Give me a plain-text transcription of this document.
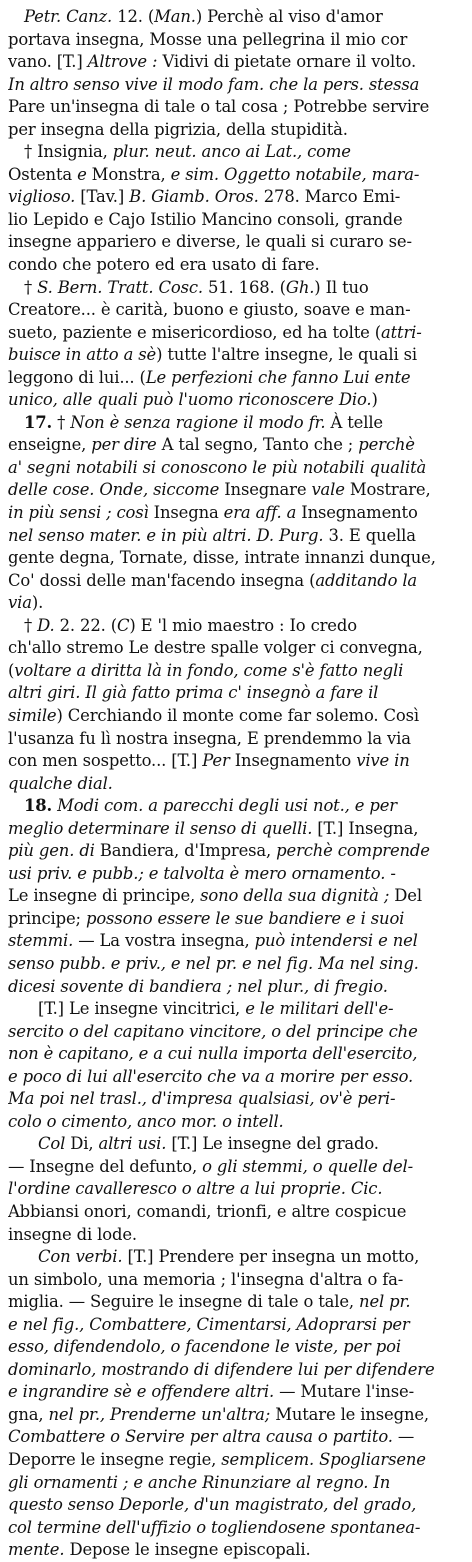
Petr. Canz. 12. (Man.) Perchè al viso d'amor
portava insegna, Mosse una pellegrina il mio cor
vano. [T.] Altrove : Vidivi di pietate ornare il volto.
In altro senso vive il modo fam. che la pers. stessa
Pare un'insegna di tale o tal cosa ; Potrebbe servire
per insegna della pigrizia, della stupidità.
† Insignia, plur. neut. anco ai Lat., come
Ostenta e Monstra, e sim. Oggetto notabile, mara-
viglioso. [Tav.] B. Giamb. Oros. 278. Marco Emi-
lio Lepido e Cajo Istilio Mancino consoli, grande
insegne appariero e diverse, le quali si curaro se-
condo che potero ed era usato di fare.
† S. Bern. Tratt. Cosc. 51. 168. (Gh.) Il tuo
Creatore... è carità, buono e giusto, soave e man-
sueto, paziente e misericordioso, ed ha tolte (attri-
buisce in atto a sè) tutte l'altre insegne, le quali si
leggono di lui... (Le perfezioni che fanno Lui ente
unico, alle quali può l'uomo riconoscere Dio.)
17. † Non è senza ragione il modo fr. À telle
enseigne, per dire A tal segno, Tanto che ; perchè
a' segni notabili si conoscono le più notabili qualità
delle cose. Onde, siccome Insegnare vale Mostrare,
in più sensi ; così Insegna era aff. a Insegnamento
nel senso mater. e in più altri. D. Purg. 3. E quella
gente degna, Tornate, disse, intrate innanzi dunque,
Co' dossi delle man'facendo insegna (additando la
via).
† D. 2. 22. (C) E 'l mio maestro : Io credo
ch'allo stremo Le destre spalle volger ci convegna,
(voltare a diritta là in fondo, come s'è fatto negli
altri giri. Il già fatto prima c' insegnò a fare il
simile) Cerchiando il monte come far solemo. Così
l'usanza fu lì nostra insegna, E prendemmo la via
con men sospetto... [T.] Per Insegnamento vive in
qualche dial.
18. Modi com. a parecchi degli usi not., e per
meglio determinare il senso di quelli. [T.] Insegna,
più gen. di Bandiera, d'Impresa, perchè comprende
usi priv. e pubb.; e talvolta è mero ornamento. -
Le insegne di principe, sono della sua dignità ; Del
principe; possono essere le sue bandiere e i suoi
stemmi. — La vostra insegna, può intendersi e nel
senso pubb. e priv., e nel pr. e nel fig. Ma nel sing.
dicesi sovente di bandiera ; nel plur., di fregio.
[T.] Le insegne vincitrici, e le militari dell'e-
sercito o del capitano vincitore, o del principe che
non è capitano, e a cui nulla importa dell'esercito,
e poco di lui all'esercito che va a morire per esso.
Ma poi nel trasl., d'impresa qualsiasi, ov'è peri-
colo o cimento, anco mor. o intell.
Col Di, altri usi. [T.] Le insegne del grado.
— Insegne del defunto, o gli stemmi, o quelle del-
l'ordine cavalleresco o altre a lui proprie. Cic.
Abbiansi onori, comandi, trionfi, e altre cospicue
insegne di lode.
Con verbi. [T.] Prendere per insegna un motto,
un simbolo, una memoria ; l'insegna d'altra o fa-
miglia. — Seguire le insegne di tale o tale, nel pr.
e nel fig., Combattere, Cimentarsi, Adoprarsi per
esso, difendendolo, o facendone le viste, per poi
dominarlo, mostrando di difendere lui per difendere
e ingrandire sè e offendere altri. — Mutare l'inse-
gna, nel pr., Prenderne un'altra; Mutare le insegne,
Combattere o Servire per altra causa o partito. —
Deporre le insegne regie, semplicem. Spogliarsene
gli ornamenti ; e anche Rinunziare al regno. In
questo senso Deporle, d'un magistrato, del grado,
col termine dell'uffizio o togliendosene spontanea-
mente. Depose le insegne episcopali.
